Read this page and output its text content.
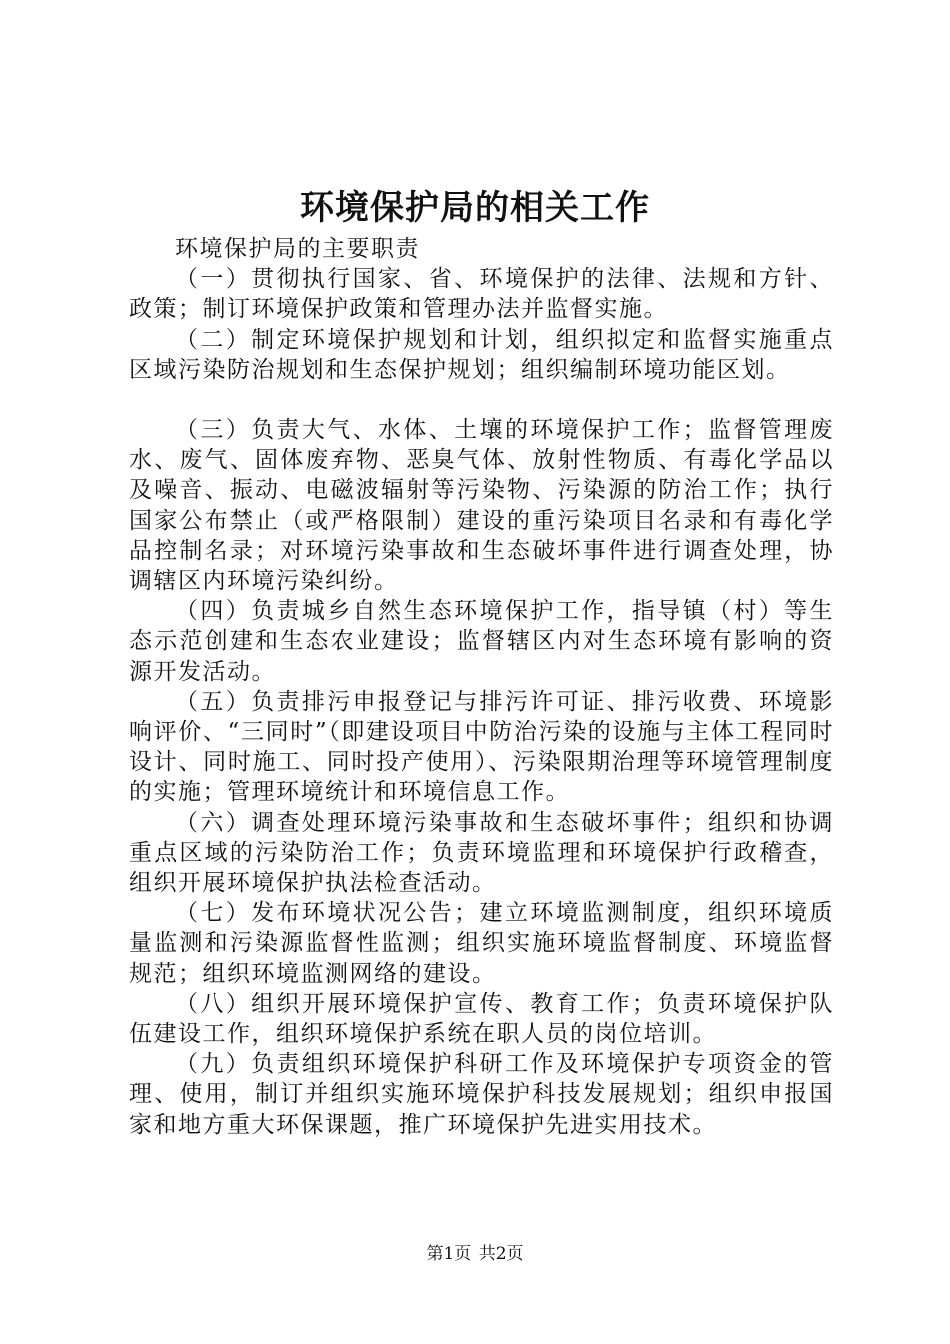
环境保护局的相关工作

环境保护局的主要职责

（一）贯彻执行国家、省、环境保护的法律、法规和方针、政策；制订环境保护政策和管理办法并监督实施。

（二）制定环境保护规划和计划，组织拟定和监督实施重点区域污染防治规划和生态保护规划；组织编制环境功能区划。

（三）负责大气、水体、土壤的环境保护工作；监督管理废水、废气、固体废弃物、恶臭气体、放射性物质、有毒化学品以及噪音、振动、电磁波辐射等污染物、污染源的防治工作；执行国家公布禁止（或严格限制）建设的重污染项目名录和有毒化学品控制名录；对环境污染事故和生态破坏事件进行调查处理，协调辖区内环境污染纠纷。

（四）负责城乡自然生态环境保护工作，指导镇（村）等生态示范创建和生态农业建设；监督辖区内对生态环境有影响的资源开发活动。

（五）负责排污申报登记与排污许可证、排污收费、环境影响评价、“三同时”（即建设项目中防治污染的设施与主体工程同时设计、同时施工、同时投产使用）、污染限期治理等环境管理制度的实施；管理环境统计和环境信息工作。

（六）调查处理环境污染事故和生态破坏事件；组织和协调重点区域的污染防治工作；负责环境监理和环境保护行政稽查，组织开展环境保护执法检查活动。

（七）发布环境状况公告；建立环境监测制度，组织环境质量监测和污染源监督性监测；组织实施环境监督制度、环境监督规范；组织环境监测网络的建设。

（八）组织开展环境保护宣传、教育工作；负责环境保护队伍建设工作，组织环境保护系统在职人员的岗位培训。

（九）负责组织环境保护科研工作及环境保护专项资金的管理、使用，制订并组织实施环境保护科技发展规划；组织申报国家和地方重大环保课题，推广环境保护先进实用技术。

第1页 共2页
